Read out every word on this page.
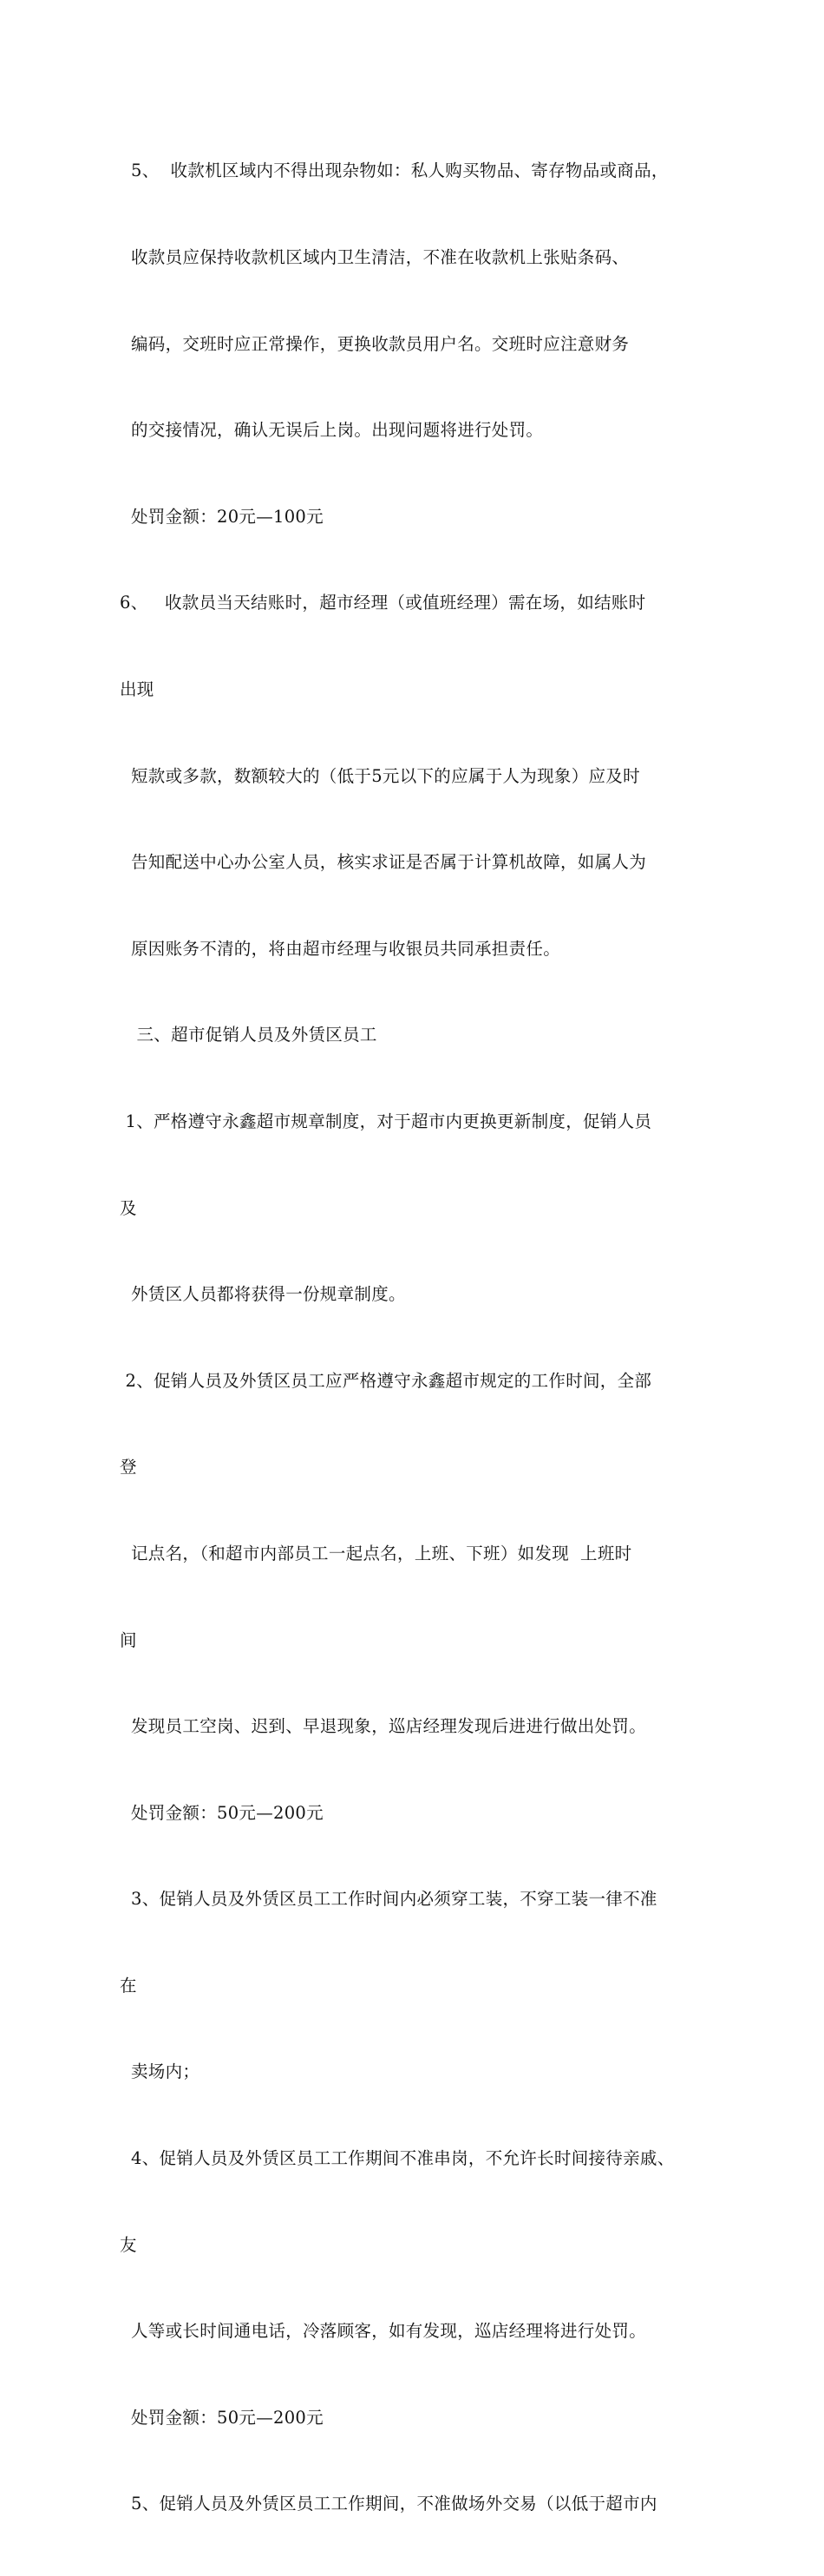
5、  收款机区域内不得出现杂物如：私人购买物品、寄存物品或商品，

收款员应保持收款机区域内卫生清洁，不准在收款机上张贴条码、

编码，交班时应正常操作，更换收款员用户名。交班时应注意财务

的交接情况，确认无误后上岗。出现问题将进行处罚。

处罚金额：20元—100元

6、   收款员当天结账时，超市经理（或值班经理）需在场，如结账时

出现

短款或多款，数额较大的（低于5元以下的应属于人为现象）应及时

告知配送中心办公室人员，核实求证是否属于计算机故障，如属人为

原因账务不清的，将由超市经理与收银员共同承担责任。

三、超市促销人员及外赁区员工

1、严格遵守永鑫超市规章制度，对于超市内更换更新制度，促销人员

及

外赁区人员都将获得一份规章制度。

2、促销人员及外赁区员工应严格遵守永鑫超市规定的工作时间，全部

登

记点名，（和超市内部员工一起点名，上班、下班）如发现  上班时

间

发现员工空岗、迟到、早退现象，巡店经理发现后进进行做出处罚。

处罚金额：50元—200元

3、促销人员及外赁区员工工作时间内必须穿工装，不穿工装一律不准

在

卖场内；

4、促销人员及外赁区员工工作期间不准串岗，不允许长时间接待亲戚、

友

人等或长时间通电话，冷落顾客，如有发现，巡店经理将进行处罚。

处罚金额：50元—200元

5、促销人员及外赁区员工工作期间，不准做场外交易（以低于超市内
